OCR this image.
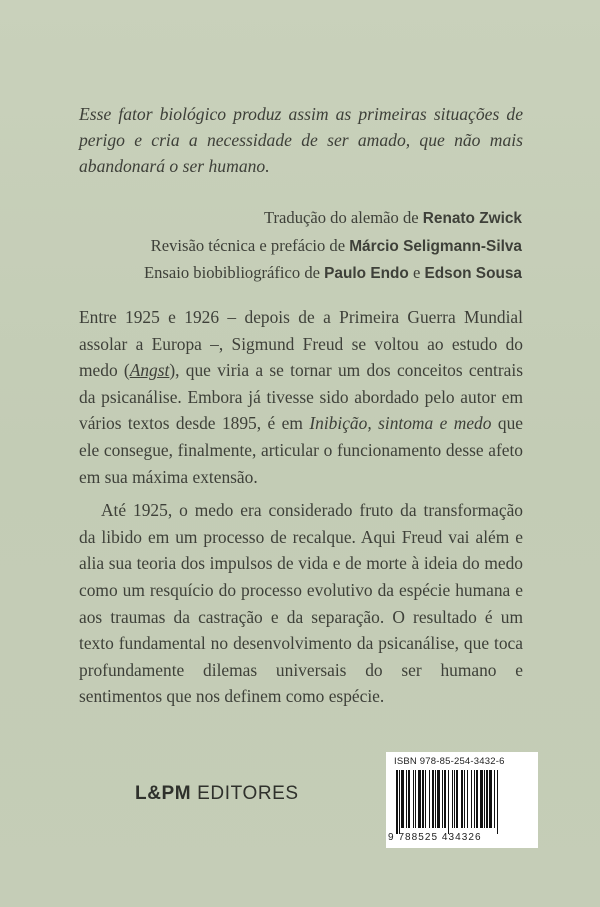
Esse fator biológico produz assim as primeiras situações de perigo e cria a necessidade de ser amado, que não mais abandonará o ser humano.
Tradução do alemão de Renato Zwick
Revisão técnica e prefácio de Márcio Seligmann-Silva
Ensaio biobibliográfico de Paulo Endo e Edson Sousa

Entre 1925 e 1926 – depois de a Primeira Guerra Mundial assolar a Europa –, Sigmund Freud se voltou ao estudo do medo (Angst), que viria a se tornar um dos conceitos centrais da psicanálise. Embora já tivesse sido abordado pelo autor em vários textos desde 1895, é em Inibição, sintoma e medo que ele consegue, finalmente, articular o funcionamento desse afeto em sua máxima extensão.

Até 1925, o medo era considerado fruto da transformação da libido em um processo de recalque. Aqui Freud vai além e alia sua teoria dos impulsos de vida e de morte à ideia do medo como um resquício do processo evolutivo da espécie humana e aos traumas da castração e da separação. O resultado é um texto fundamental no desenvolvimento da psicanálise, que toca profundamente dilemas universais do ser humano e sentimentos que nos definem como espécie.

L&PM EDITORES
ISBN 978-85-254-3432-6
9 788525 434326
